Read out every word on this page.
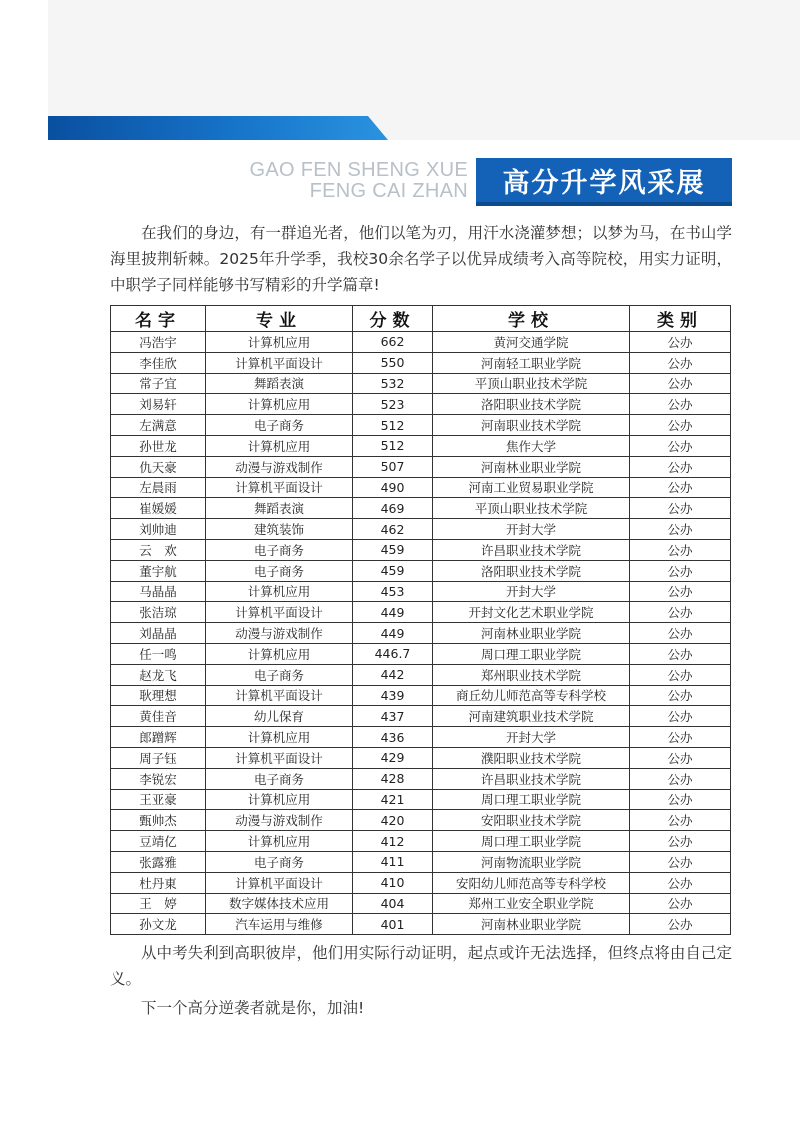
GAO FEN SHENG XUE
FENG CAI ZHAN	高分升学风采展

在我们的身边，有一群追光者，他们以笔为刃，用汗水浇灌梦想；以梦为马，在书山学海里披荆斩棘。2025年升学季，我校30余名学子以优异成绩考入高等院校，用实力证明，中职学子同样能够书写精彩的升学篇章!

名字	专业	分数	学校	类别
冯浩宇	计算机应用	662	黄河交通学院	公办
李佳欣	计算机平面设计	550	河南轻工职业学院	公办
常子宜	舞蹈表演	532	平顶山职业技术学院	公办
刘易轩	计算机应用	523	洛阳职业技术学院	公办
左满意	电子商务	512	河南职业技术学院	公办
孙世龙	计算机应用	512	焦作大学	公办
仇天豪	动漫与游戏制作	507	河南林业职业学院	公办
左晨雨	计算机平面设计	490	河南工业贸易职业学院	公办
崔媛媛	舞蹈表演	469	平顶山职业技术学院	公办
刘帅迪	建筑装饰	462	开封大学	公办
云　欢	电子商务	459	许昌职业技术学院	公办
董宇航	电子商务	459	洛阳职业技术学院	公办
马晶晶	计算机应用	453	开封大学	公办
张洁琼	计算机平面设计	449	开封文化艺术职业学院	公办
刘晶晶	动漫与游戏制作	449	河南林业职业学院	公办
任一鸣	计算机应用	446.7	周口理工职业学院	公办
赵龙飞	电子商务	442	郑州职业技术学院	公办
耿理想	计算机平面设计	439	商丘幼儿师范高等专科学校	公办
黄佳音	幼儿保育	437	河南建筑职业技术学院	公办
郎蹭辉	计算机应用	436	开封大学	公办
周子钰	计算机平面设计	429	濮阳职业技术学院	公办
李锐宏	电子商务	428	许昌职业技术学院	公办
王亚豪	计算机应用	421	周口理工职业学院	公办
甄帅杰	动漫与游戏制作	420	安阳职业技术学院	公办
豆靖亿	计算机应用	412	周口理工职业学院	公办
张露雅	电子商务	411	河南物流职业学院	公办
杜丹東	计算机平面设计	410	安阳幼儿师范高等专科学校	公办
王　婷	数字媒体技术应用	404	郑州工业安全职业学院	公办
孙文龙	汽车运用与维修	401	河南林业职业学院	公办

从中考失利到高职彼岸，他们用实际行动证明，起点或许无法选择，但终点将由自己定义。

下一个高分逆袭者就是你，加油!
